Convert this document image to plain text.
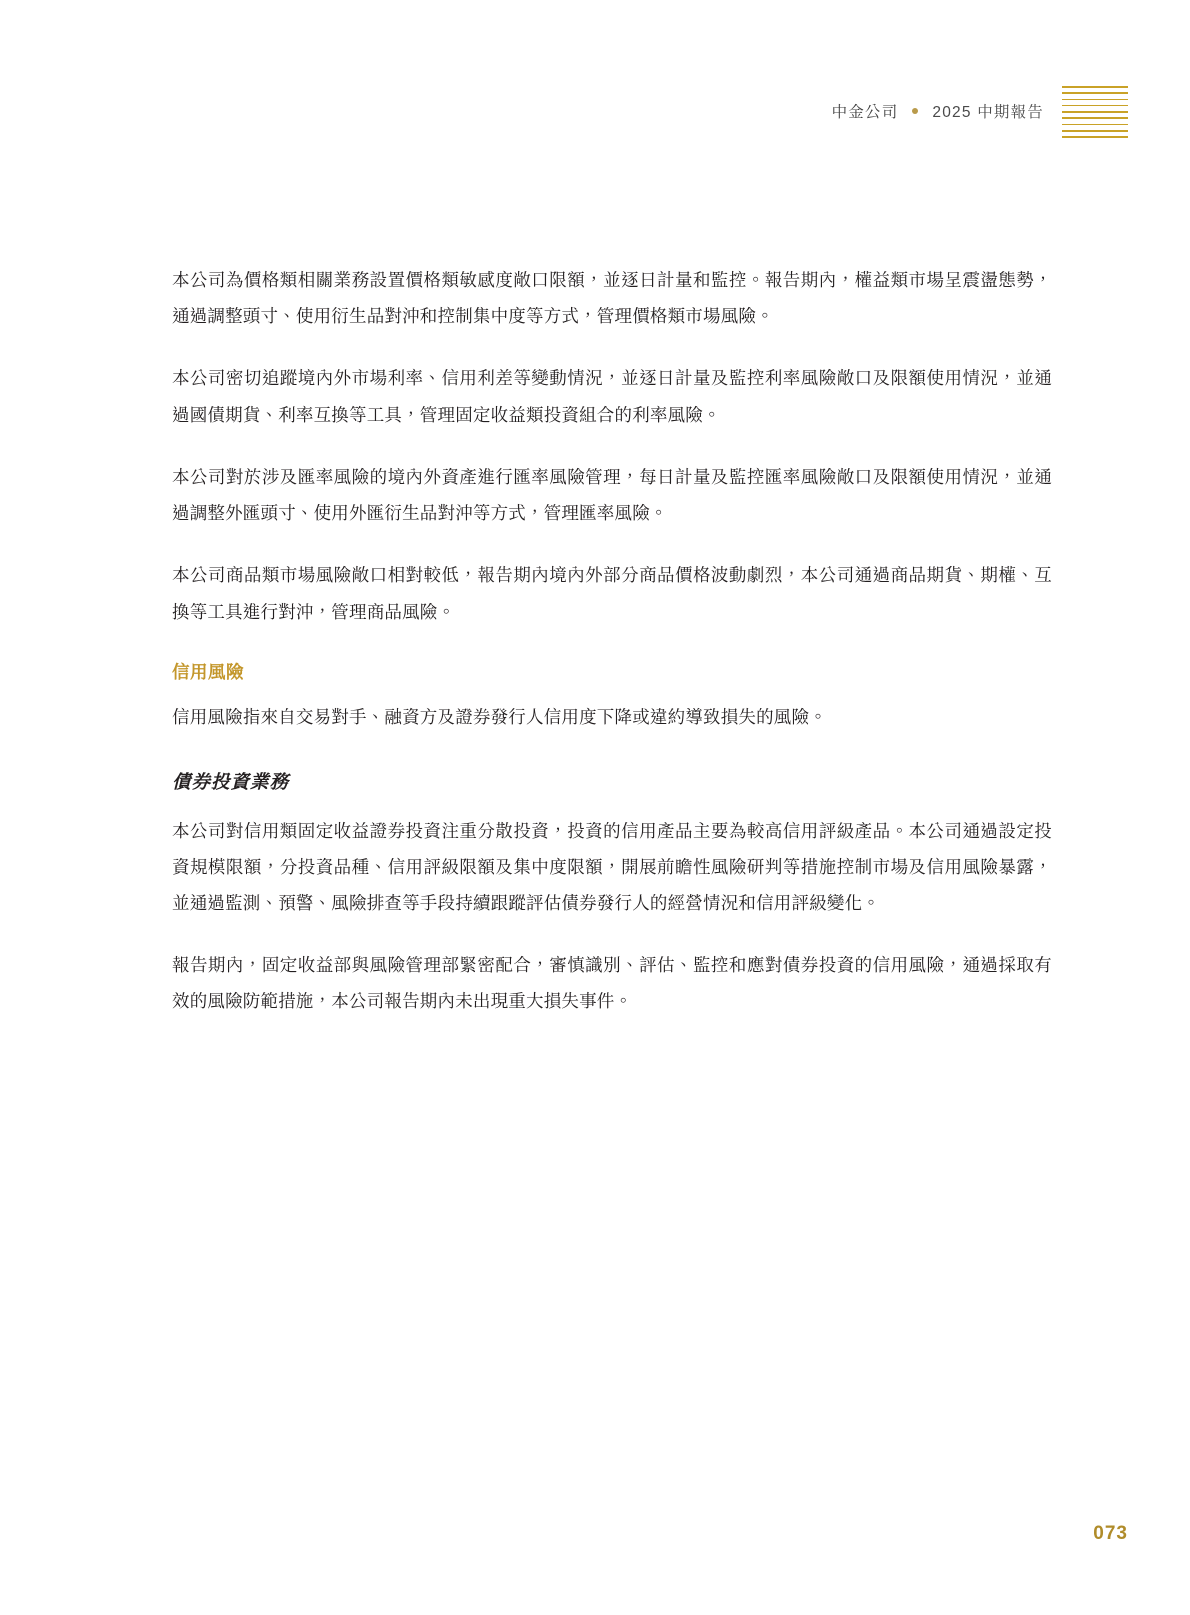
中金公司 2025 中期報告

本公司為價格類相關業務設置價格類敏感度敞口限額，並逐日計量和監控。報告期內，權益類市場呈震盪態勢，通過調整頭寸、使用衍生品對沖和控制集中度等方式，管理價格類市場風險。

本公司密切追蹤境內外市場利率、信用利差等變動情況，並逐日計量及監控利率風險敞口及限額使用情況，並通過國債期貨、利率互換等工具，管理固定收益類投資組合的利率風險。

本公司對於涉及匯率風險的境內外資產進行匯率風險管理，每日計量及監控匯率風險敞口及限額使用情況，並通過調整外匯頭寸、使用外匯衍生品對沖等方式，管理匯率風險。

本公司商品類市場風險敞口相對較低，報告期內境內外部分商品價格波動劇烈，本公司通過商品期貨、期權、互換等工具進行對沖，管理商品風險。

信用風險

信用風險指來自交易對手、融資方及證券發行人信用度下降或違約導致損失的風險。

債券投資業務

本公司對信用類固定收益證券投資注重分散投資，投資的信用產品主要為較高信用評級產品。本公司通過設定投資規模限額，分投資品種、信用評級限額及集中度限額，開展前瞻性風險研判等措施控制市場及信用風險暴露，並通過監測、預警、風險排查等手段持續跟蹤評估債券發行人的經營情況和信用評級變化。

報告期內，固定收益部與風險管理部緊密配合，審慎識別、評估、監控和應對債券投資的信用風險，通過採取有效的風險防範措施，本公司報告期內未出現重大損失事件。

073
